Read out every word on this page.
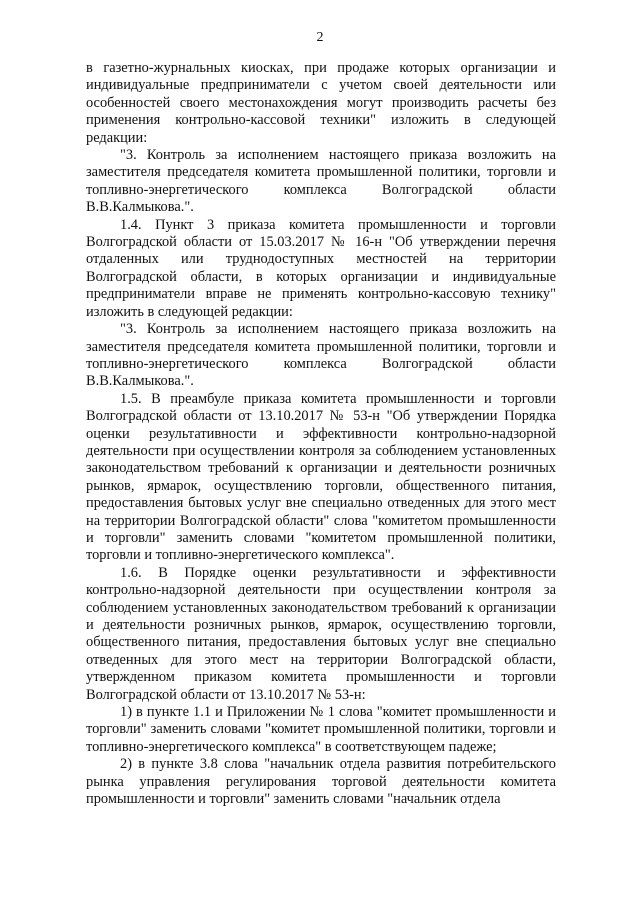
2

в газетно-журнальных киосках, при продаже которых организации и индивидуальные предприниматели с учетом своей деятельности или особенностей своего местонахождения могут производить расчеты без применения контрольно-кассовой техники" изложить в следующей редакции:

"3. Контроль за исполнением настоящего приказа возложить на заместителя председателя комитета промышленной политики, торговли и топливно-энергетического комплекса Волгоградской области В.В.Калмыкова.".

1.4. Пункт 3 приказа комитета промышленности и торговли Волгоградской области от 15.03.2017 № 16-н "Об утверждении перечня отдаленных или труднодоступных местностей на территории Волгоградской области, в которых организации и индивидуальные предприниматели вправе не применять контрольно-кассовую технику" изложить в следующей редакции:

"3. Контроль за исполнением настоящего приказа возложить на заместителя председателя комитета промышленной политики, торговли и топливно-энергетического комплекса Волгоградской области В.В.Калмыкова.".

1.5. В преамбуле приказа комитета промышленности и торговли Волгоградской области от 13.10.2017 № 53-н "Об утверждении Порядка оценки результативности и эффективности контрольно-надзорной деятельности при осуществлении контроля за соблюдением установленных законодательством требований к организации и деятельности розничных рынков, ярмарок, осуществлению торговли, общественного питания, предоставления бытовых услуг вне специально отведенных для этого мест на территории Волгоградской области" слова "комитетом промышленности и торговли" заменить словами "комитетом промышленной политики, торговли и топливно-энергетического комплекса".

1.6. В Порядке оценки результативности и эффективности контрольно-надзорной деятельности при осуществлении контроля за соблюдением установленных законодательством требований к организации и деятельности розничных рынков, ярмарок, осуществлению торговли, общественного питания, предоставления бытовых услуг вне специально отведенных для этого мест на территории Волгоградской области, утвержденном приказом комитета промышленности и торговли Волгоградской области от 13.10.2017 № 53-н:

1) в пункте 1.1 и Приложении № 1 слова "комитет промышленности и торговли" заменить словами "комитет промышленной политики, торговли и топливно-энергетического комплекса" в соответствующем падеже;

2) в пункте 3.8 слова "начальник отдела развития потребительского рынка управления регулирования торговой деятельности комитета промышленности и торговли" заменить словами "начальник отдела
